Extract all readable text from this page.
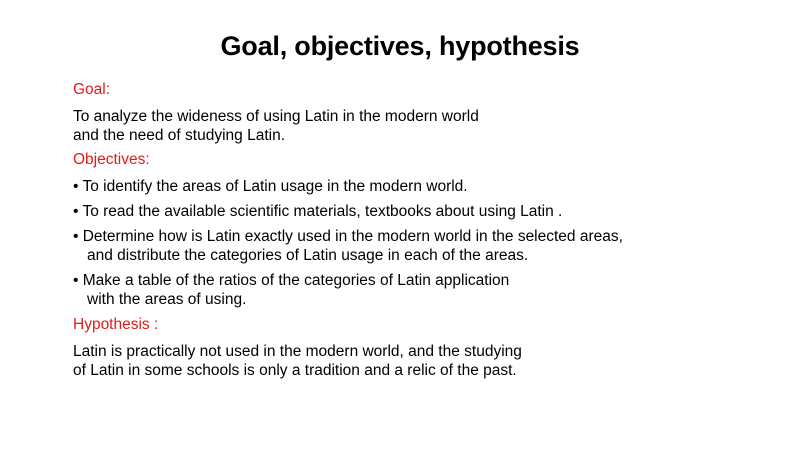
Goal, objectives, hypothesis
Goal:
To analyze the wideness of using Latin in the modern world
and the need of studying Latin.
Objectives:
• To identify the areas of Latin usage in the modern world.
• To read the available scientific materials, textbooks about using Latin .
• Determine how is Latin exactly used in the modern world in the selected areas,
and distribute the categories of Latin usage in each of the areas.
• Make a table of the ratios of the categories of Latin application
with the areas of using.
Hypothesis :
Latin is practically not used in the modern world, and the studying
of Latin in some schools is only a tradition and a relic of the past.
